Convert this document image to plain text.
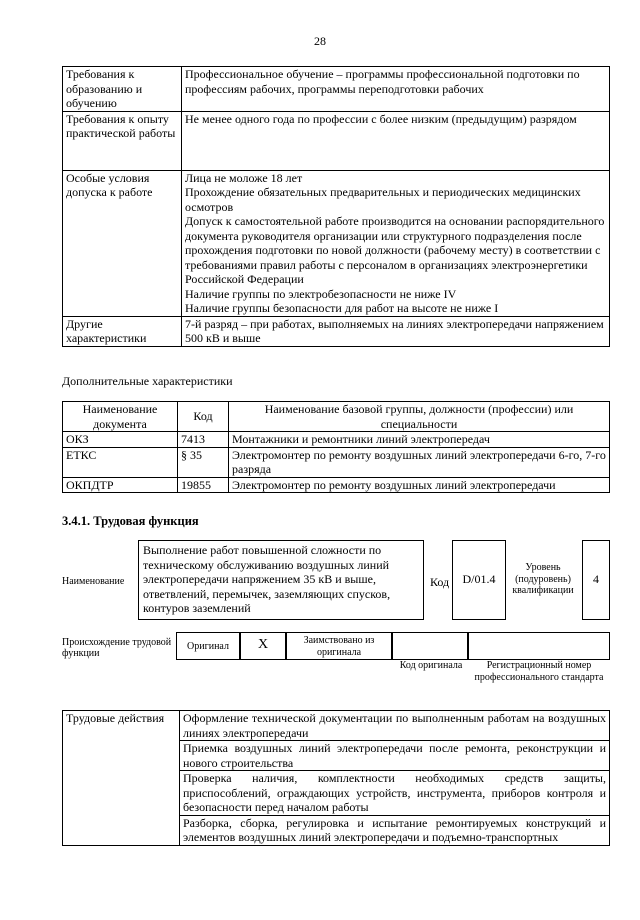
28
Требования к образованию и обучению	Профессиональное обучение – программы профессиональной подготовки по профессиям рабочих, программы переподготовки рабочих

Требования к опыту практической работы	Не менее одного года по профессии с более низким (предыдущим) разрядом

Особые условия допуска к работе	Лица не моложе 18 лет
Прохождение обязательных предварительных и периодических медицинских осмотров
Допуск к самостоятельной работе производится на основании распорядительного документа руководителя организации или структурного подразделения после прохождения подготовки по новой должности (рабочему месту) в соответствии с требованиями правил работы с персоналом в организациях электроэнергетики Российской Федерации
Наличие группы по электробезопасности не ниже IV
Наличие группы безопасности для работ на высоте не ниже I

Другие характеристики	7-й разряд – при работах, выполняемых на линиях электропередачи напряжением 500 кВ и выше
Дополнительные характеристики
Наименование документа	Код	Наименование базовой группы, должности (профессии) или специальности
ОКЗ	7413	Монтажники и ремонтники линий электропередач
ЕТКС	§ 35	Электромонтер по ремонту воздушных линий электропередачи 6-го, 7-го разряда
ОКПДТР	19855	Электромонтер по ремонту воздушных линий электропередачи
3.4.1. Трудовая функция
Наименование
Выполнение работ повышенной сложности по техническому обслуживанию воздушных линий электропередачи напряжением 35 кВ и выше, ответвлений, перемычек, заземляющих спусков, контуров заземлений
Код	D/01.4
Уровень (подуровень) квалификации
4
Происхождение трудовой функции
Оригинал	X	Заимствовано из оригинала
Код оригинала	Регистрационный номер профессионального стандарта
Трудовые действия	Оформление технической документации по выполненным работам на воздушных линиях электропередачи
Приемка воздушных линий электропередачи после ремонта, реконструкции и нового строительства
Проверка наличия, комплектности необходимых средств защиты, приспособлений, ограждающих устройств, инструмента, приборов контроля и безопасности перед началом работы
Разборка, сборка, регулировка и испытание ремонтируемых конструкций и элементов воздушных линий электропередачи и подъемно-транспортных
